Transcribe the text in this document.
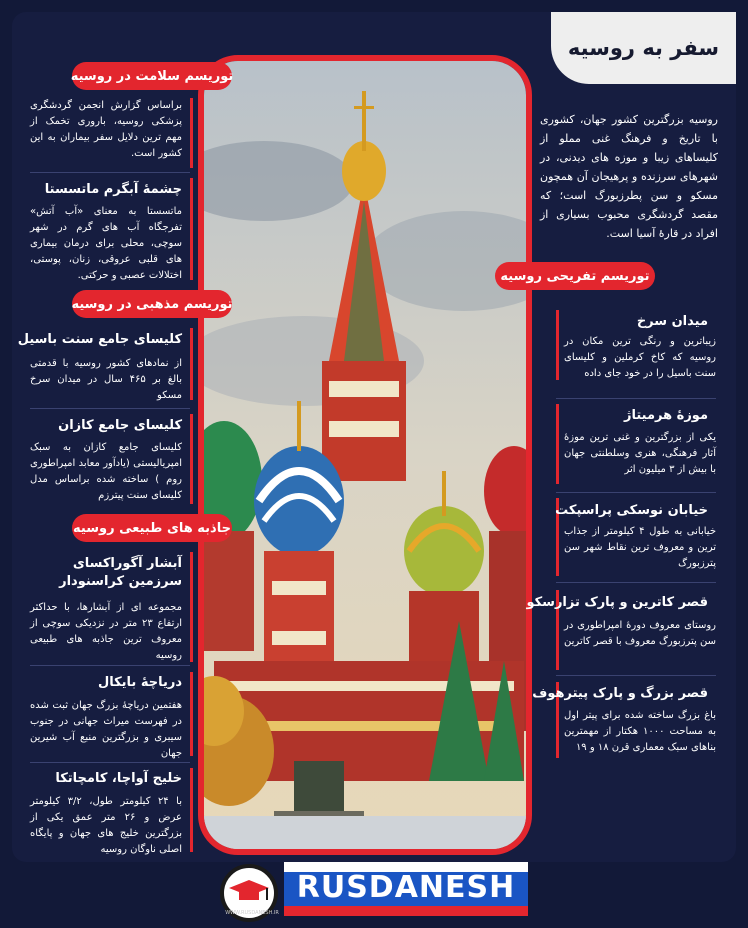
سفر به روسیه
روسیه بزرگترین کشور جهان، کشوری با تاریخ و فرهنگ غنی مملو از کلیساهای زیبا و موزه های دیدنی، در شهرهای سرزنده و پرهیجان آن همچون مسکو و سن پطرزبورگ است؛ که مقصد گردشگری محبوب بسیاری از افراد در قارهٔ آسیا است.
توریسم تفریحی روسیه
میدان سرخ
زیباترین و رنگی ترین مکان در روسیه که کاخ کرملین و کلیسای سنت باسیل را در خود جای داده
موزهٔ هرمیتاژ
یکی از بزرگترین و غنی ترین موزهٔ آثار فرهنگی، هنری وسلطنتی جهان با بیش از ۳ میلیون اثر
خیابان نوسکی پراسپکت
خیابانی به طول ۴ کیلومتر از جذاب ترین و معروف ترین نقاط شهر سن پترزبورگ
قصر کاترین و پارک تزارسکو
روستای معروف دورهٔ امپراطوری در سن پترزبورگ معروف با قصر کاترین
قصر بزرگ و پارک پیترهوف
باغ بزرگ ساخته شده برای پیتر اول به مساحت ۱۰۰۰ هکتار از مهمترین بناهای سبک معماری قرن ۱۸ و ۱۹
توریسم سلامت در روسیه
براساس گزارش انجمن گردشگری پزشکی روسیه، باروری تخمک از مهم ترین دلایل سفر بیماران به این کشور است.
چشمهٔ آبگرم ماتسستا
ماتسستا به معنای «آب آتش» تفرجگاه آب های گرم در شهر سوچی، محلی برای درمان بیماری های قلبی عروقی، زنان، پوستی، اختلالات عصبی و حرکتی.
توریسم مذهبی در روسیه
کلیسای جامع سنت باسیل
از نمادهای کشور روسیه با قدمتی بالغ بر ۴۶۵ سال در میدان سرخ مسکو
کلیسای جامع کازان
کلیسای جامع کازان به سبک امپریالیستی (یادآور معابد امپراطوری روم ) ساخته شده براساس مدل کلیسای سنت پیترزم
جاذبه های طبیعی روسیه
آبشار آگوراکسای سرزمین کراسنودار
مجموعه ای از آبشارها، با حداکثر ارتفاع ۲۳ متر در نزدیکی سوچی از معروف ترین جاذبه های طبیعی روسیه
دریاچهٔ بایکال
هفتمین دریاچهٔ بزرگ جهان ثبت شده در فهرست میراث جهانی در جنوب سیبری و بزرگترین منبع آب شیرین جهان
خلیج آواچا، کامچاتکا
با ۲۴ کیلومتر طول، ۳/۲ کیلومتر عرض و ۲۶ متر عمق یکی از بزرگترین خلیج های جهان و پایگاه اصلی ناوگان روسیه
RUSDANESH
WWW.RUSDANESH.IR
